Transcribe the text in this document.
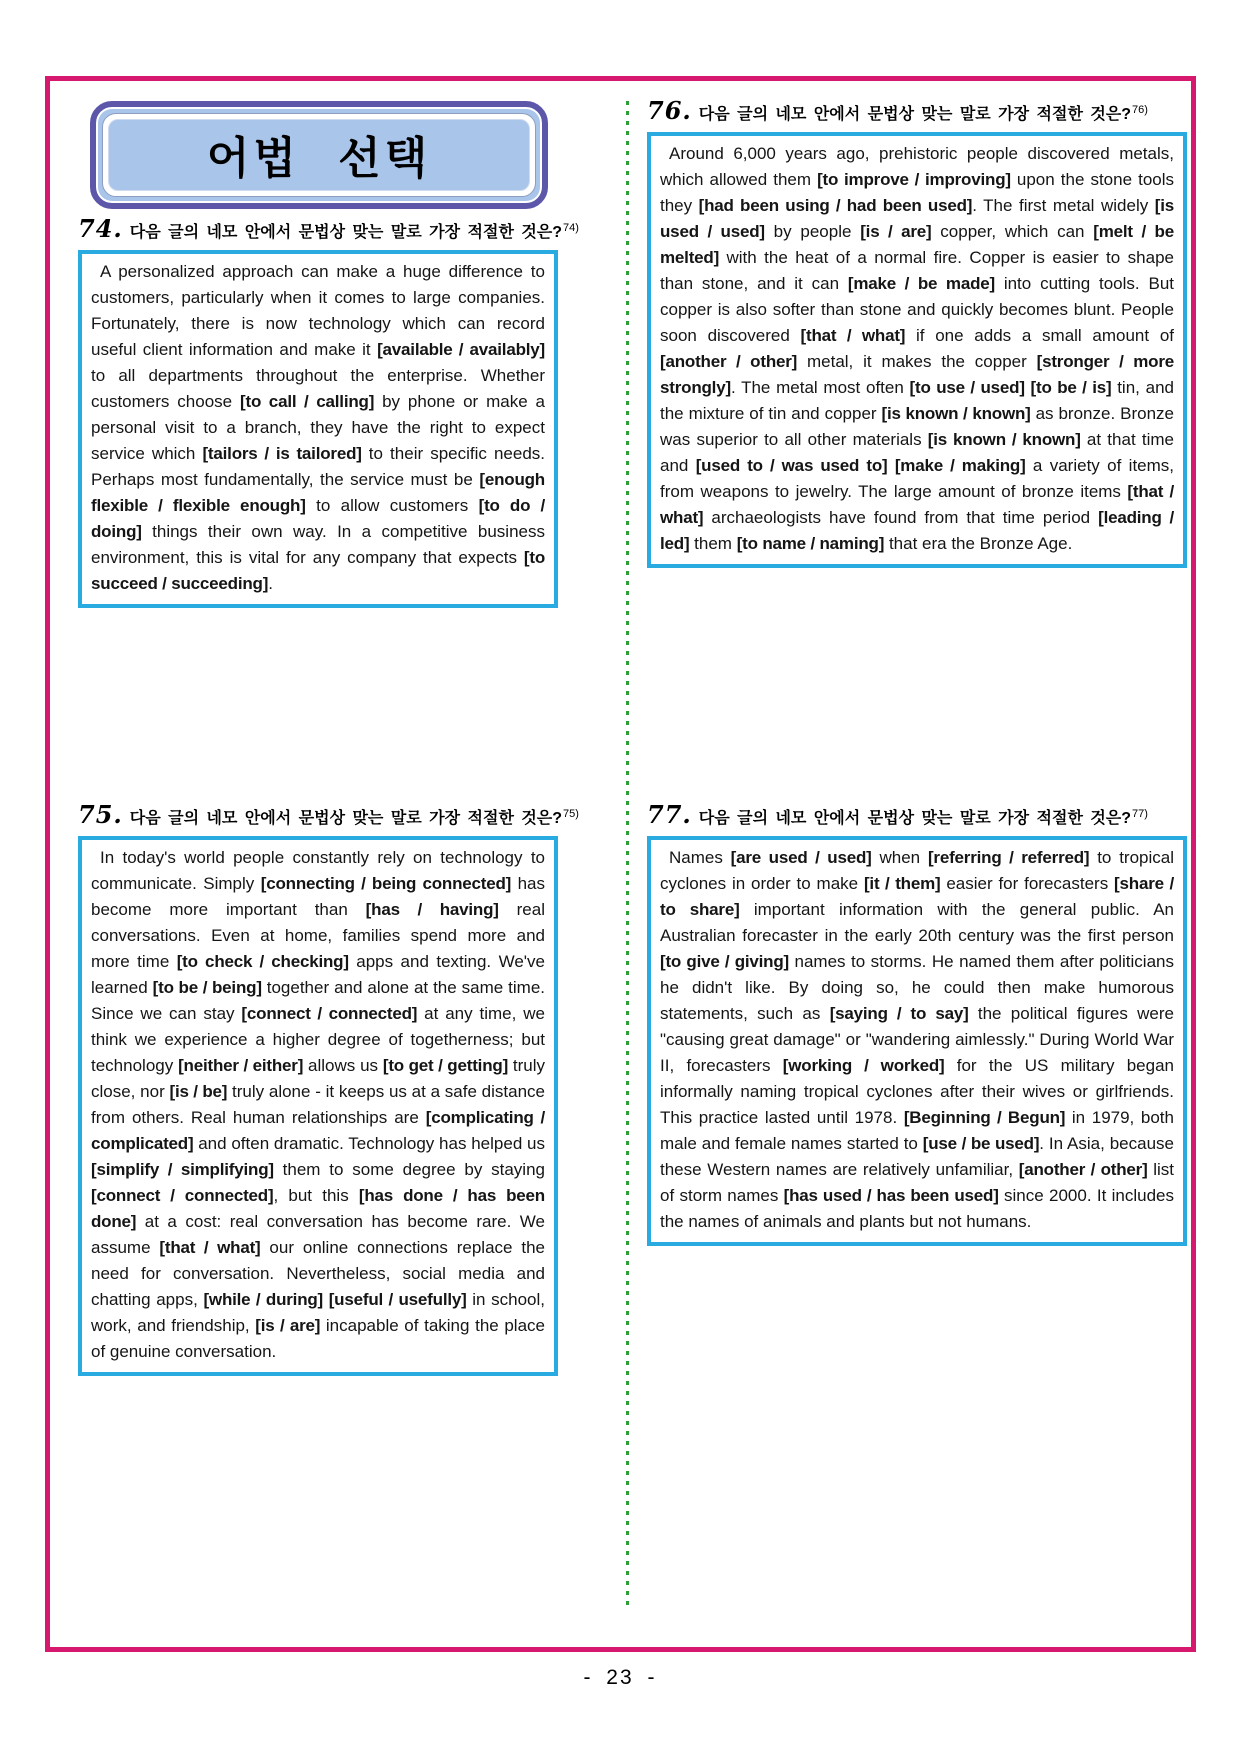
어법 선택
74. 다음 글의 네모 안에서 문법상 맞는 말로 가장 적절한 것은?$^{74)}$
A personalized approach can make a huge difference to customers, particularly when it comes to large companies. Fortunately, there is now technology which can record useful client information and make it [available / availably] to all departments throughout the enterprise. Whether customers choose [to call / calling] by phone or make a personal visit to a branch, they have the right to expect service which [tailors / is tailored] to their specific needs. Perhaps most fundamentally, the service must be [enough flexible / flexible enough] to allow customers [to do / doing] things their own way. In a competitive business environment, this is vital for any company that expects [to succeed / succeeding].
75. 다음 글의 네모 안에서 문법상 맞는 말로 가장 적절한 것은?$^{75)}$
In today's world people constantly rely on technology to communicate. Simply [connecting / being connected] has become more important than [has / having] real conversations. Even at home, families spend more and more time [to check / checking] apps and texting. We've learned [to be / being] together and alone at the same time. Since we can stay [connect / connected] at any time, we think we experience a higher degree of togetherness; but technology [neither / either] allows us [to get / getting] truly close, nor [is / be] truly alone - it keeps us at a safe distance from others. Real human relationships are [complicating / complicated] and often dramatic. Technology has helped us [simplify / simplifying] them to some degree by staying [connect / connected], but this [has done / has been done] at a cost: real conversation has become rare. We assume [that / what] our online connections replace the need for conversation. Nevertheless, social media and chatting apps, [while / during] [useful / usefully] in school, work, and friendship, [is / are] incapable of taking the place of genuine conversation.
76. 다음 글의 네모 안에서 문법상 맞는 말로 가장 적절한 것은?$^{76)}$
Around 6,000 years ago, prehistoric people discovered metals, which allowed them [to improve / improving] upon the stone tools they [had been using / had been used]. The first metal widely [is used / used] by people [is / are] copper, which can [melt / be melted] with the heat of a normal fire. Copper is easier to shape than stone, and it can [make / be made] into cutting tools. But copper is also softer than stone and quickly becomes blunt. People soon discovered [that / what] if one adds a small amount of [another / other] metal, it makes the copper [stronger / more strongly]. The metal most often [to use / used] [to be / is] tin, and the mixture of tin and copper [is known / known] as bronze. Bronze was superior to all other materials [is known / known] at that time and [used to / was used to] [make / making] a variety of items, from weapons to jewelry. The large amount of bronze items [that / what] archaeologists have found from that time period [leading / led] them [to name / naming] that era the Bronze Age.
77. 다음 글의 네모 안에서 문법상 맞는 말로 가장 적절한 것은?$^{77)}$
Names [are used / used] when [referring / referred] to tropical cyclones in order to make [it / them] easier for forecasters [share / to share] important information with the general public. An Australian forecaster in the early 20th century was the first person [to give / giving] names to storms. He named them after politicians he didn't like. By doing so, he could then make humorous statements, such as [saying / to say] the political figures were "causing great damage" or "wandering aimlessly." During World War II, forecasters [working / worked] for the US military began informally naming tropical cyclones after their wives or girlfriends. This practice lasted until 1978. [Beginning / Begun] in 1979, both male and female names started to [use / be used]. In Asia, because these Western names are relatively unfamiliar, [another / other] list of storm names [has used / has been used] since 2000. It includes the names of animals and plants but not humans.
- 23 -
